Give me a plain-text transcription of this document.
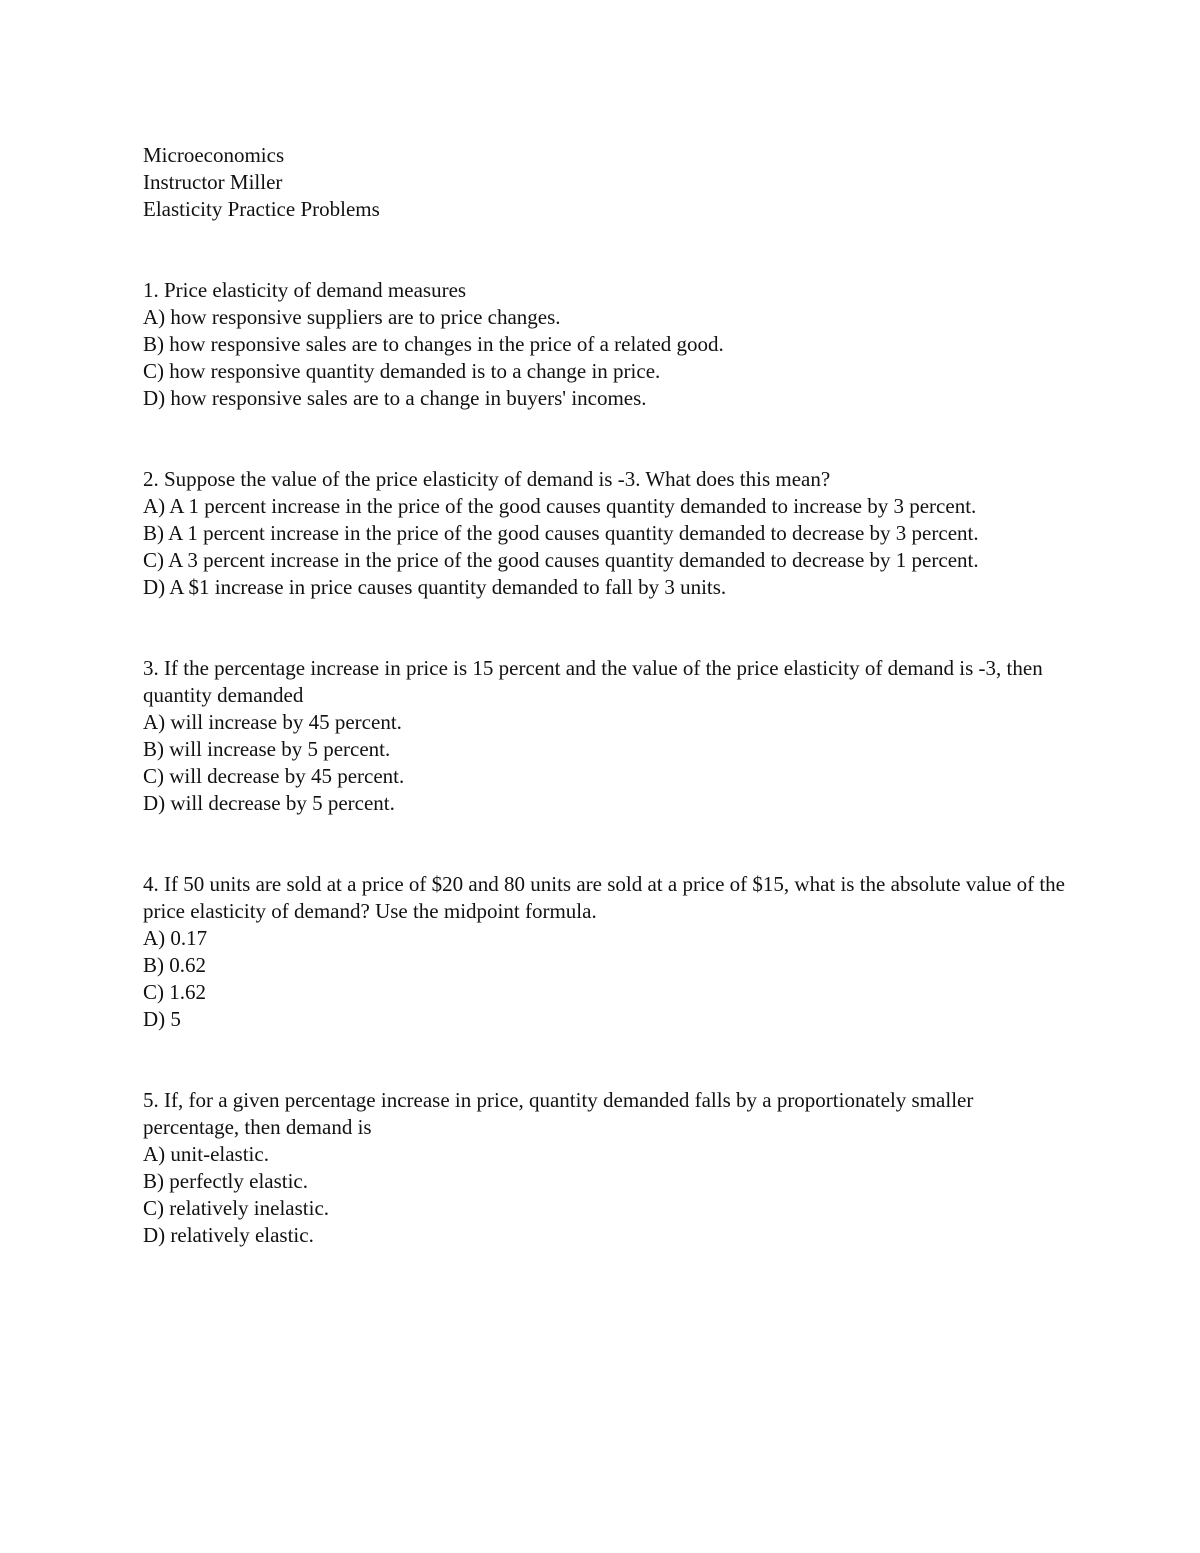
Microeconomics
Instructor Miller
Elasticity Practice Problems
1. Price elasticity of demand measures
A) how responsive suppliers are to price changes.
B) how responsive sales are to changes in the price of a related good.
C) how responsive quantity demanded is to a change in price.
D) how responsive sales are to a change in buyers' incomes.
2. Suppose the value of the price elasticity of demand is -3. What does this mean?
A) A 1 percent increase in the price of the good causes quantity demanded to increase by 3 percent.
B) A 1 percent increase in the price of the good causes quantity demanded to decrease by 3 percent.
C) A 3 percent increase in the price of the good causes quantity demanded to decrease by 1 percent.
D) A $1 increase in price causes quantity demanded to fall by 3 units.
3. If the percentage increase in price is 15 percent and the value of the price elasticity of demand is -3, then quantity demanded
A) will increase by 45 percent.
B) will increase by 5 percent.
C) will decrease by 45 percent.
D) will decrease by 5 percent.
4. If 50 units are sold at a price of $20 and 80 units are sold at a price of $15, what is the absolute value of the price elasticity of demand? Use the midpoint formula.
A) 0.17
B) 0.62
C) 1.62
D) 5
5. If, for a given percentage increase in price, quantity demanded falls by a proportionately smaller percentage, then demand is
A) unit-elastic.
B) perfectly elastic.
C) relatively inelastic.
D) relatively elastic.
